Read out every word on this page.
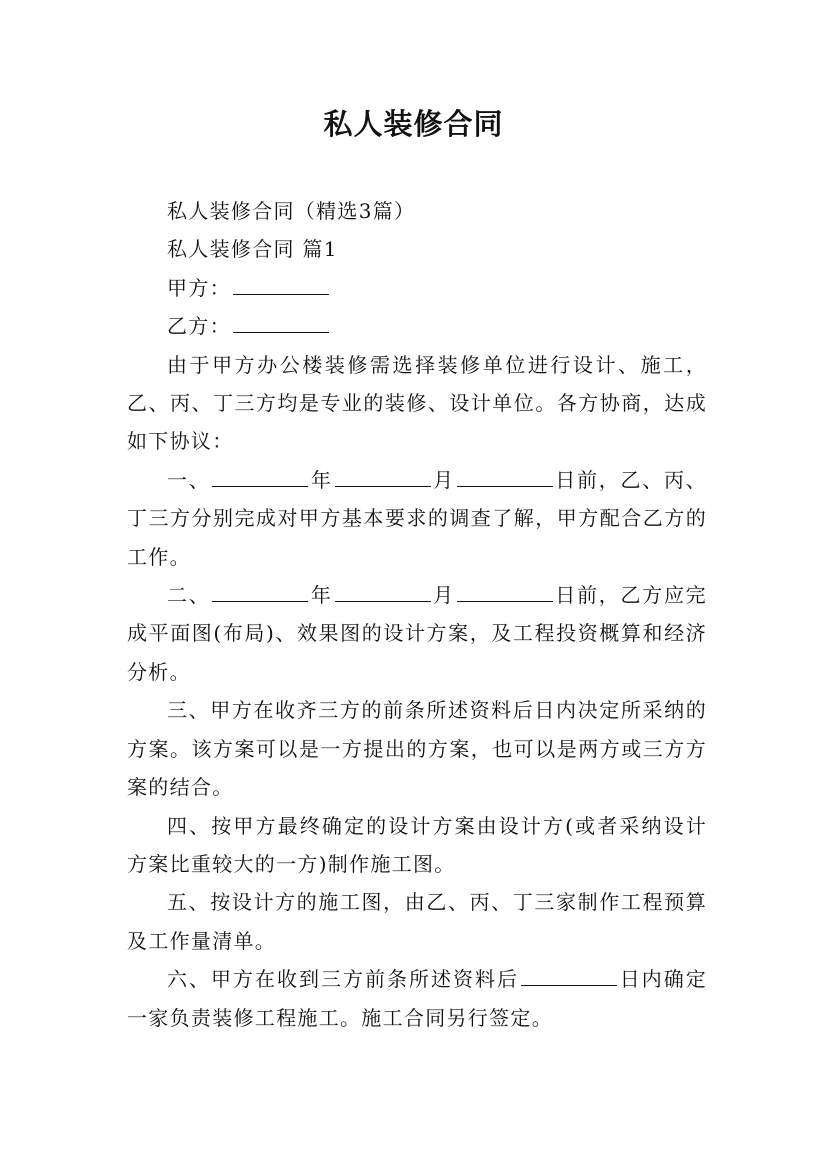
私人装修合同

私人装修合同（精选3篇）

私人装修合同 篇1

甲方：

乙方：

由于甲方办公楼装修需选择装修单位进行设计、施工，乙、丙、丁三方均是专业的装修、设计单位。各方协商，达成如下协议：

一、	年	月	日前，乙、丙、丁三方分别完成对甲方基本要求的调查了解，甲方配合乙方的工作。

二、	年	月	日前，乙方应完成平面图(布局)、效果图的设计方案，及工程投资概算和经济分析。

三、甲方在收齐三方的前条所述资料后日内决定所采纳的方案。该方案可以是一方提出的方案，也可以是两方或三方方案的结合。

四、按甲方最终确定的设计方案由设计方(或者采纳设计方案比重较大的一方)制作施工图。

五、按设计方的施工图，由乙、丙、丁三家制作工程预算及工作量清单。

六、甲方在收到三方前条所述资料后	日内确定一家负责装修工程施工。施工合同另行签定。
